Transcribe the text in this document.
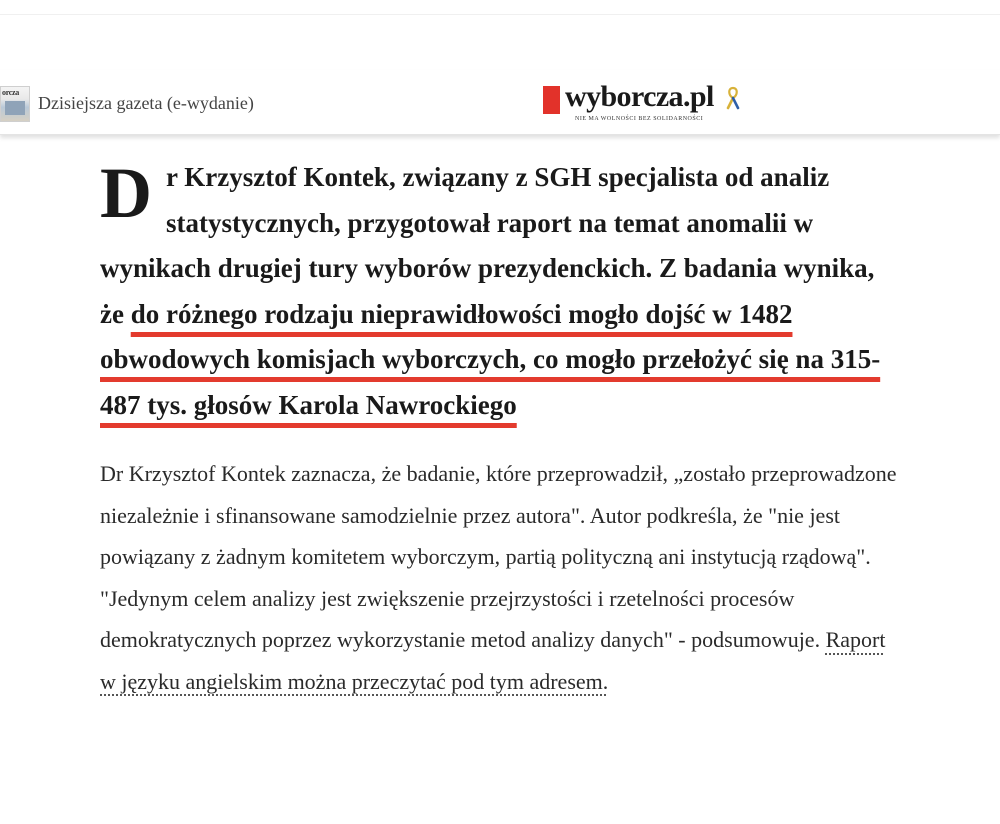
orcza
Dzisiejsza gazeta (e-wydanie)	wyborcza.pl
NIE MA WOLNOŚCI BEZ SOLIDARNOŚCI
Dr Krzysztof Kontek, związany z SGH specjalista od analiz statystycznych, przygotował raport na temat anomalii w wynikach drugiej tury wyborów prezydenckich. Z badania wynika, że do różnego rodzaju nieprawidłowości mogło dojść w 1482 obwodowych komisjach wyborczych, co mogło przełożyć się na 315-487 tys. głosów Karola Nawrockiego
Dr Krzysztof Kontek zaznacza, że badanie, które przeprowadził, „zostało przeprowadzone niezależnie i sfinansowane samodzielnie przez autora". Autor podkreśla, że "nie jest powiązany z żadnym komitetem wyborczym, partią polityczną ani instytucją rządową". "Jedynym celem analizy jest zwiększenie przejrzystości i rzetelności procesów demokratycznych poprzez wykorzystanie metod analizy danych" - podsumowuje. Raport w języku angielskim można przeczytać pod tym adresem.
